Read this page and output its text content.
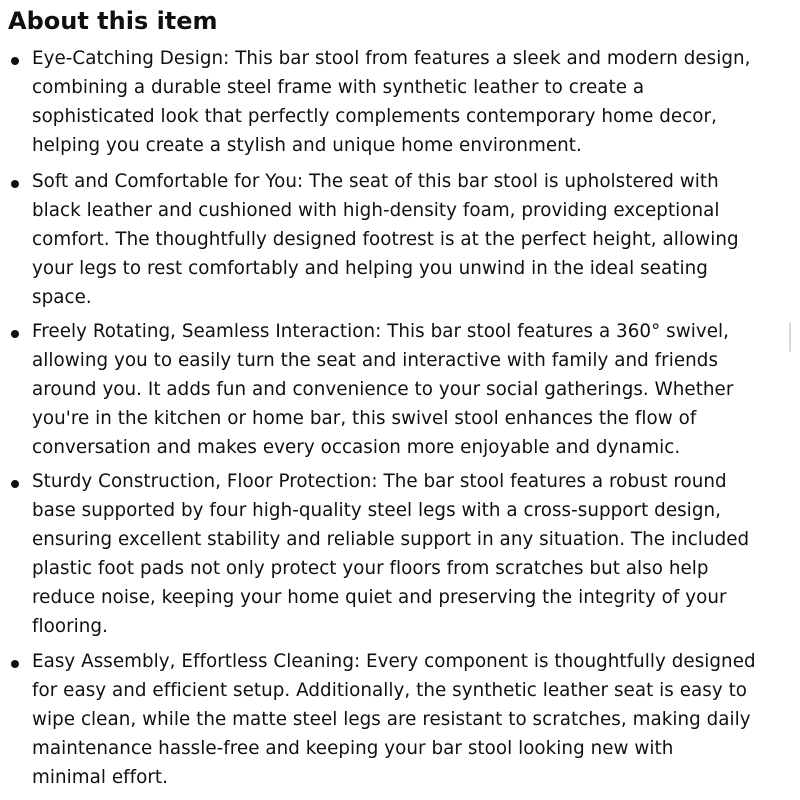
About this item

Eye-Catching Design: This bar stool from features a sleek and modern design,
combining a durable steel frame with synthetic leather to create a
sophisticated look that perfectly complements contemporary home decor,
helping you create a stylish and unique home environment.

Soft and Comfortable for You: The seat of this bar stool is upholstered with
black leather and cushioned with high-density foam, providing exceptional
comfort. The thoughtfully designed footrest is at the perfect height, allowing
your legs to rest comfortably and helping you unwind in the ideal seating
space.

Freely Rotating, Seamless Interaction: This bar stool features a 360° swivel,
allowing you to easily turn the seat and interactive with family and friends
around you. It adds fun and convenience to your social gatherings. Whether
you're in the kitchen or home bar, this swivel stool enhances the flow of
conversation and makes every occasion more enjoyable and dynamic.

Sturdy Construction, Floor Protection: The bar stool features a robust round
base supported by four high-quality steel legs with a cross-support design,
ensuring excellent stability and reliable support in any situation. The included
plastic foot pads not only protect your floors from scratches but also help
reduce noise, keeping your home quiet and preserving the integrity of your
flooring.

Easy Assembly, Effortless Cleaning: Every component is thoughtfully designed
for easy and efficient setup. Additionally, the synthetic leather seat is easy to
wipe clean, while the matte steel legs are resistant to scratches, making daily
maintenance hassle-free and keeping your bar stool looking new with
minimal effort.
